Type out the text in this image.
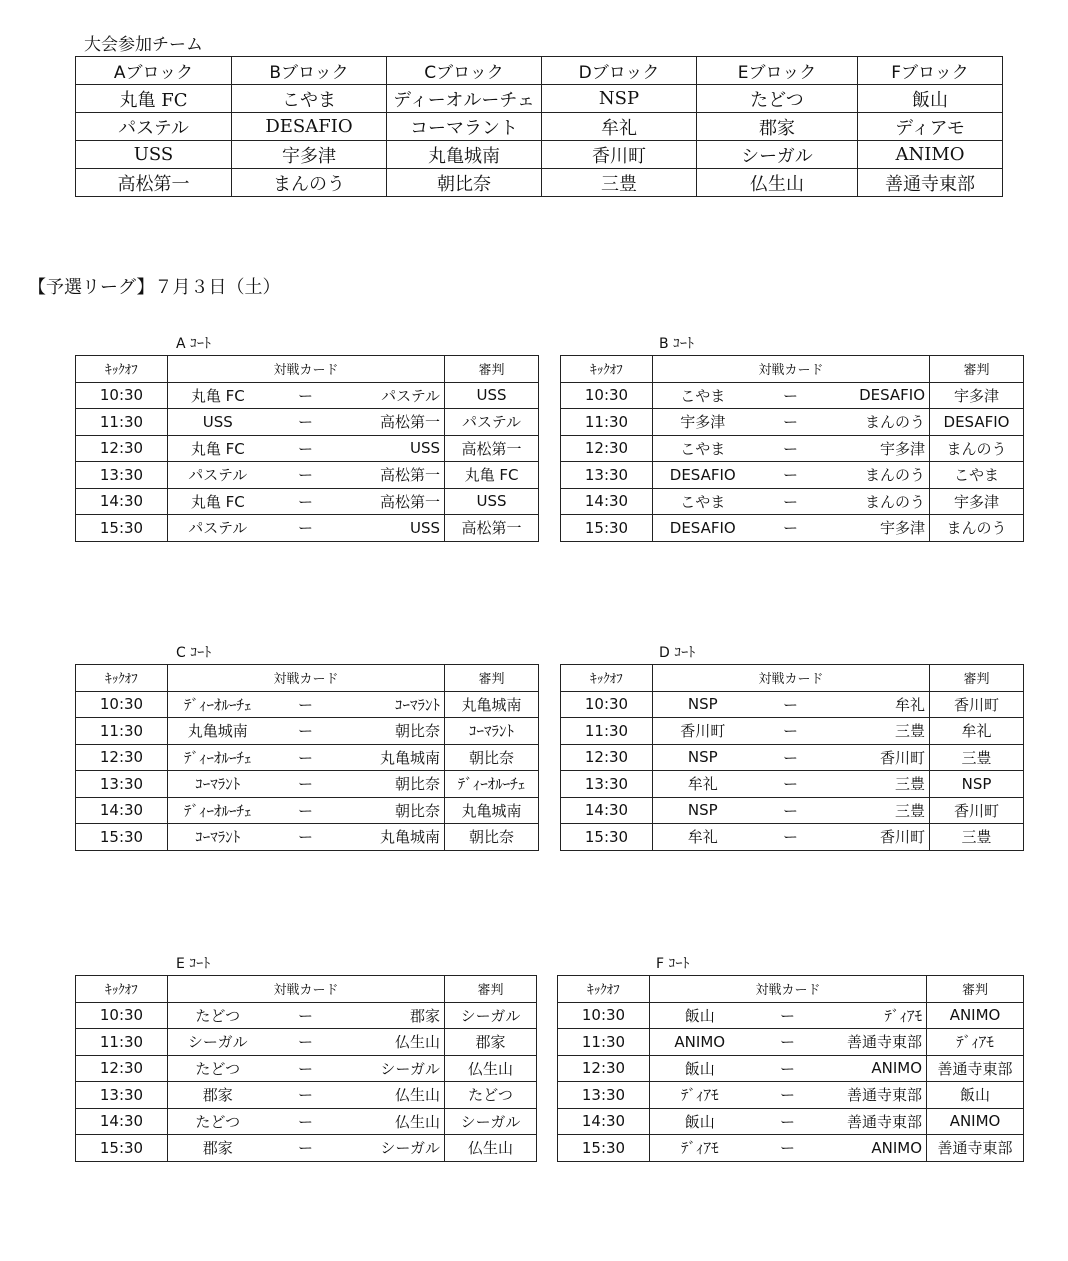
大会参加チーム
Aブロック	Bブロック	Cブロック	Dブロック	Eブロック	Fブロック
丸亀 FC	こやま	ディーオルーチェ	NSP	たどつ	飯山
パステル	DESAFIO	コーマラント	牟礼	郡家	ディアモ
USS	宇多津	丸亀城南	香川町	シーガル	ANIMO
高松第一	まんのう	朝比奈	三豊	仏生山	善通寺東部
【予選リーグ】７月３日（土）
A ｺｰﾄ
ｷｯｸｵﾌ	対戦カード			審判
10:30	丸亀 FC	ー	パステル	USS
11:30	USS	ー	高松第一	パステル
12:30	丸亀 FC	ー	USS	高松第一
13:30	パステル	ー	高松第一	丸亀 FC
14:30	丸亀 FC	ー	高松第一	USS
15:30	パステル	ー	USS	高松第一
B ｺｰﾄ
ｷｯｸｵﾌ	対戦カード			審判
10:30	こやま	ー	DESAFIO	宇多津
11:30	宇多津	ー	まんのう	DESAFIO
12:30	こやま	ー	宇多津	まんのう
13:30	DESAFIO	ー	まんのう	こやま
14:30	こやま	ー	まんのう	宇多津
15:30	DESAFIO	ー	宇多津	まんのう
C ｺｰﾄ
ｷｯｸｵﾌ	対戦カード			審判
10:30	ﾃﾞｨｰｵﾙｰﾁｪ	ー	ｺｰﾏﾗﾝﾄ	丸亀城南
11:30	丸亀城南	ー	朝比奈	ｺｰﾏﾗﾝﾄ
12:30	ﾃﾞｨｰｵﾙｰﾁｪ	ー	丸亀城南	朝比奈
13:30	ｺｰﾏﾗﾝﾄ	ー	朝比奈	ﾃﾞｨｰｵﾙｰﾁｪ
14:30	ﾃﾞｨｰｵﾙｰﾁｪ	ー	朝比奈	丸亀城南
15:30	ｺｰﾏﾗﾝﾄ	ー	丸亀城南	朝比奈
D ｺｰﾄ
ｷｯｸｵﾌ	対戦カード			審判
10:30	NSP	ー	牟礼	香川町
11:30	香川町	ー	三豊	牟礼
12:30	NSP	ー	香川町	三豊
13:30	牟礼	ー	三豊	NSP
14:30	NSP	ー	三豊	香川町
15:30	牟礼	ー	香川町	三豊
E ｺｰﾄ
ｷｯｸｵﾌ	対戦カード			審判
10:30	たどつ	ー	郡家	シーガル
11:30	シーガル	ー	仏生山	郡家
12:30	たどつ	ー	シーガル	仏生山
13:30	郡家	ー	仏生山	たどつ
14:30	たどつ	ー	仏生山	シーガル
15:30	郡家	ー	シーガル	仏生山
F ｺｰﾄ
ｷｯｸｵﾌ	対戦カード			審判
10:30	飯山	ー	ﾃﾞｨｱﾓ	ANIMO
11:30	ANIMO	ー	善通寺東部	ﾃﾞｨｱﾓ
12:30	飯山	ー	ANIMO	善通寺東部
13:30	ﾃﾞｨｱﾓ	ー	善通寺東部	飯山
14:30	飯山	ー	善通寺東部	ANIMO
15:30	ﾃﾞｨｱﾓ	ー	ANIMO	善通寺東部
